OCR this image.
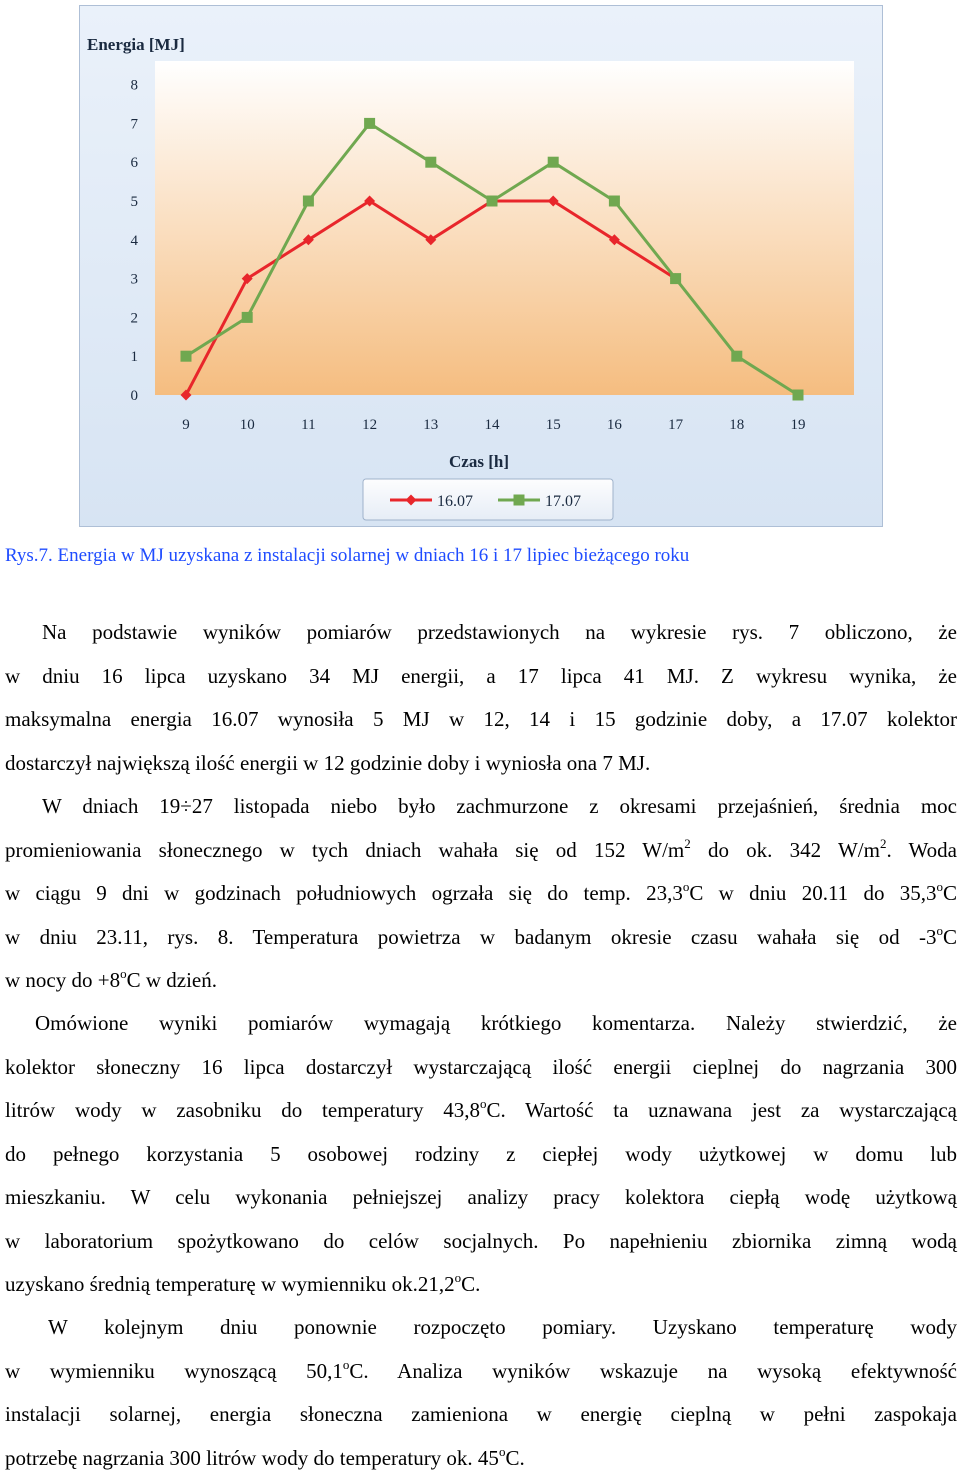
Energia [MJ]
0
1
2
3
4
5
6
7
8
9	10	11	12	13	14	15	16	17	18	19
Czas [h]
16.07	17.07
Rys.7. Energia w MJ uzyskana z instalacji solarnej w dniach 16 i 17 lipiec bieżącego roku
Na podstawie wyników pomiarów przedstawionych na wykresie rys. 7 obliczono, że
w dniu 16 lipca uzyskano 34 MJ energii, a 17 lipca 41 MJ. Z wykresu wynika, że
maksymalna energia 16.07 wynosiła 5 MJ w 12, 14 i 15 godzinie doby, a 17.07 kolektor
dostarczył największą ilość energii w 12 godzinie doby i wyniosła ona 7 MJ.
W dniach 19÷27 listopada niebo było zachmurzone z okresami przejaśnień, średnia moc
promieniowania słonecznego w tych dniach wahała się od 152 $W/m^2$ do ok. 342 $W/m^2$. Woda
w ciągu 9 dni w godzinach południowych ogrzała się do temp. 23,3$^o$C w dniu 20.11 do 35,3$^o$C
w dniu 23.11, rys. 8. Temperatura powietrza w badanym okresie czasu wahała się od -3$^o$C
w nocy do $+8^oC$ w dzień.
Omówione wyniki pomiarów wymagają krótkiego komentarza. Należy stwierdzić, że
kolektor słoneczny 16 lipca dostarczył wystarczającą ilość energii cieplnej do nagrzania 300
litrów wody w zasobniku do temperatury 43,8$^o$C. Wartość ta uznawana jest za wystarczającą
do pełnego korzystania 5 osobowej rodziny z ciepłej wody użytkowej w domu lub
mieszkaniu. W celu wykonania pełniejszej analizy pracy kolektora ciepłą wodę użytkową
w laboratorium spożytkowano do celów socjalnych. Po napełnieniu zbiornika zimną wodą
uzyskano średnią temperaturę w wymienniku ok.21,2$^o$C.
W kolejnym dniu ponownie rozpoczęto pomiary. Uzyskano temperaturę wody
w wymienniku wynoszącą 50,1$^o$C. Analiza wyników wskazuje na wysoką efektywność
instalacji solarnej, energia słoneczna zamieniona w energię cieplną w pełni zaspokaja
potrzebę nagrzania 300 litrów wody do temperatury ok. 45$^o$C.
